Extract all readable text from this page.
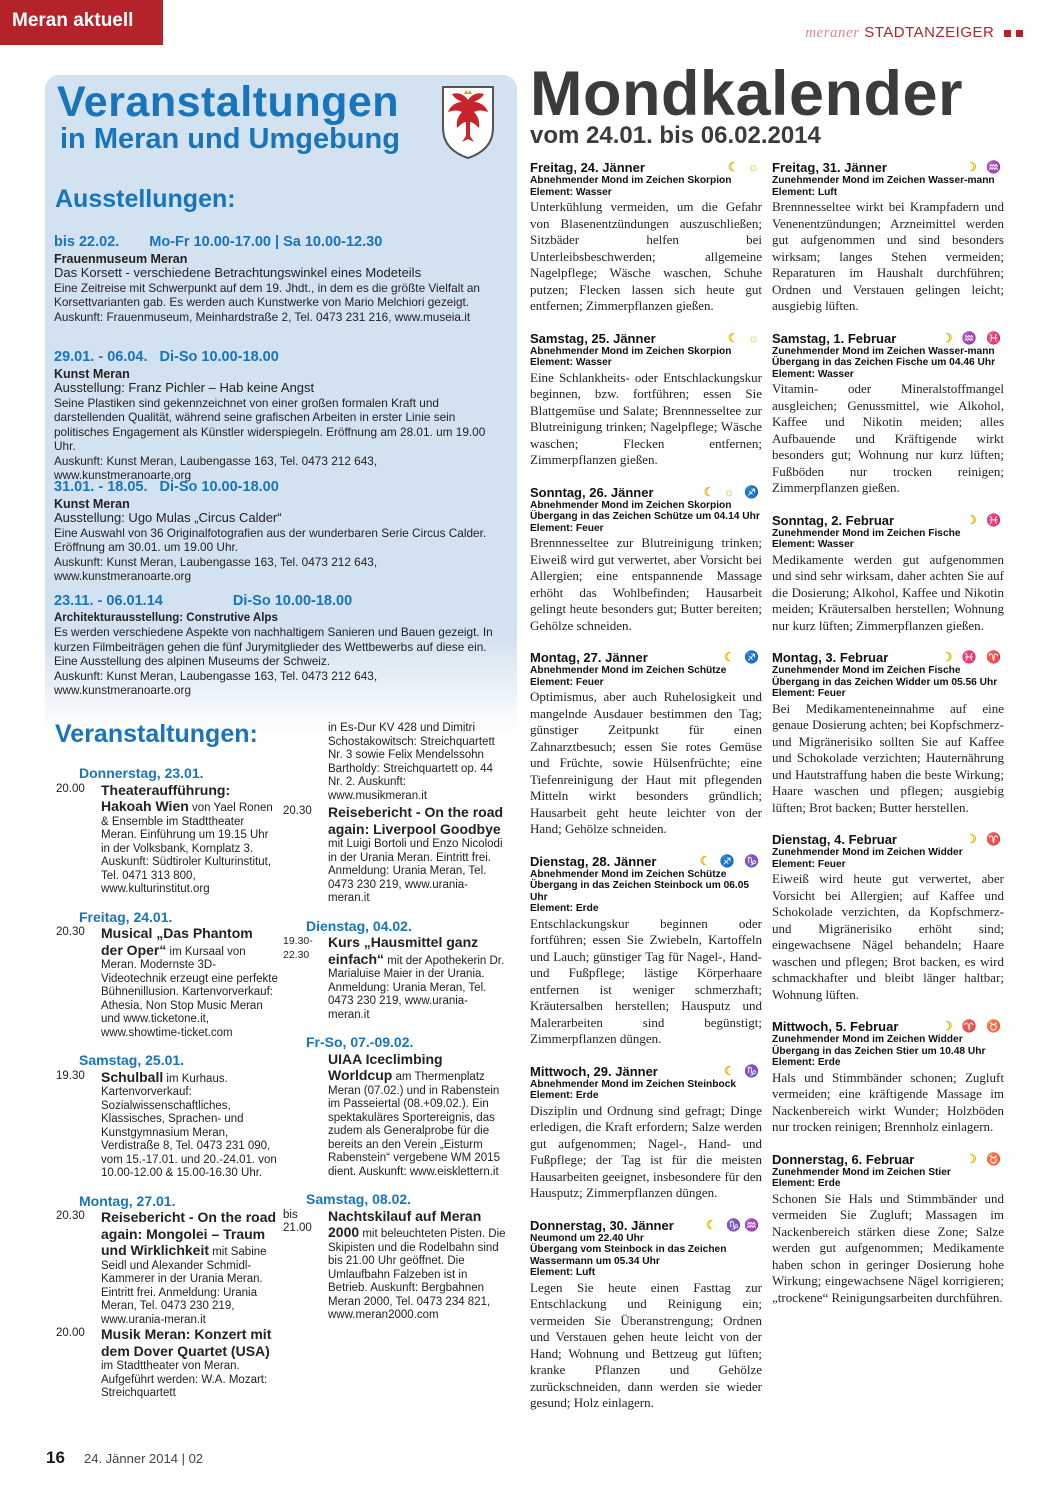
Meran aktuell
meraner STADTANZEIGER
Veranstaltungen
in Meran und Umgebung
Ausstellungen:
bis 22.02. Mo-Fr 10.00-17.00 | Sa 10.00-12.30
Frauenmuseum Meran
Das Korsett - verschiedene Betrachtungswinkel eines Modeteils
Eine Zeitreise mit Schwerpunkt auf dem 19. Jhdt., in dem es die größte Vielfalt an Korsettvarianten gab. Es werden auch Kunstwerke von Mario Melchiori gezeigt.
Auskunft: Frauenmuseum, Meinhardstraße 2, Tel. 0473 231 216, www.museia.it
29.01. - 06.04. Di-So 10.00-18.00
Kunst Meran
Ausstellung: Franz Pichler – Hab keine Angst
Seine Plastiken sind gekennzeichnet von einer großen formalen Kraft und darstellenden Qualität, während seine grafischen Arbeiten in erster Linie sein politisches Engagement als Künstler widerspiegeln. Eröffnung am 28.01. um 19.00 Uhr.
Auskunft: Kunst Meran, Laubengasse 163, Tel. 0473 212 643, www.kunstmeranoarte.org
31.01. - 18.05. Di-So 10.00-18.00
Kunst Meran
Ausstellung: Ugo Mulas „Circus Calder“
Eine Auswahl von 36 Originalfotografien aus der wunderbaren Serie Circus Calder. Eröffnung am 30.01. um 19.00 Uhr.
Auskunft: Kunst Meran, Laubengasse 163, Tel. 0473 212 643, www.kunstmeranoarte.org
23.11. - 06.01.14	Di-So 10.00-18.00
Architekturausstellung: Construtive Alps
Es werden verschiedene Aspekte von nachhaltigem Sanieren und Bauen gezeigt. In kurzen Filmbeiträgen gehen die fünf Jurymitglieder des Wettbewerbs auf diese ein. Eine Ausstellung des alpinen Museums der Schweiz.
Auskunft: Kunst Meran, Laubengasse 163, Tel. 0473 212 643, www.kunstmeranoarte.org
Veranstaltungen:
Donnerstag, 23.01.
20.00	Theateraufführung: Hakoah Wien von Yael Ronen & Ensemble im Stadttheater Meran. Einführung um 19.15 Uhr in der Volksbank, Kornplatz 3. Auskunft: Südtiroler Kulturinstitut, Tel. 0471 313 800, www.kulturinstitut.org
Freitag, 24.01.
20.30	Musical „Das Phantom der Oper“ im Kursaal von Meran. Modernste 3D-Videotechnik erzeugt eine perfekte Bühnenillusion. Kartenvorverkauf: Athesia, Non Stop Music Meran und www.ticketone.it, www.showtime-ticket.com
Samstag, 25.01.
19.30	Schulball im Kurhaus. Kartenvorverkauf: Sozialwissenschaftliches, Klassisches, Sprachen- und Kunstgymnasium Meran, Verdistraße 8, Tel. 0473 231 090, vom 15.-17.01. und 20.-24.01. von 10.00-12.00 & 15.00-16.30 Uhr.
Montag, 27.01.
20.30	Reisebericht - On the road again: Mongolei – Traum und Wirklichkeit mit Sabine Seidl und Alexander Schmidl-Kammerer in der Urania Meran. Eintritt frei. Anmeldung: Urania Meran, Tel. 0473 230 219, www.urania-meran.it
20.00	Musik Meran: Konzert mit dem Dover Quartet (USA) im Stadttheater von Meran. Aufgeführt werden: W.A. Mozart: Streichquartett
in Es-Dur KV 428 und Dimitri Schostakowitsch: Streichquartett Nr. 3 sowie Felix Mendelssohn Bartholdy: Streichquartett op. 44 Nr. 2. Auskunft: www.musikmeran.it
20.30	Reisebericht - On the road again: Liverpool Goodbye mit Luigi Bortoli und Enzo Nicolodi in der Urania Meran. Eintritt frei. Anmeldung: Urania Meran, Tel. 0473 230 219, www.urania-meran.it
Dienstag, 04.02.
19.30-22.30
Kurs „Hausmittel ganz einfach“ mit der Apothekerin Dr. Marialuise Maier in der Urania. Anmeldung: Urania Meran, Tel. 0473 230 219, www.urania-meran.it
Fr-So, 07.-09.02.
UIAA Iceclimbing Worldcup am Thermenplatz Meran (07.02.) und in Rabenstein im Passeiertal (08.+09.02.). Ein spektakuläres Sportereignis, das zudem als Generalprobe für die bereits an den Verein „Eisturm Rabenstein“ vergebene WM 2015 dient. Auskunft: www.eisklettern.it
Samstag, 08.02.
bis 21.00
Nachtskilauf auf Meran 2000 mit beleuchteten Pisten. Die Skipisten und die Rodelbahn sind bis 21.00 Uhr geöffnet. Die Umlaufbahn Falzeben ist in Betrieb. Auskunft: Bergbahnen Meran 2000, Tel. 0473 234 821, www.meran2000.com
Mondkalender
vom 24.01. bis 06.02.2014
Freitag, 24. Jänner	☾ ☼
Abnehmender Mond im Zeichen Skorpion
Element: Wasser
Unterkühlung vermeiden, um die Gefahr von Blasenentzündungen auszuschließen; Sitzbäder helfen bei Unterleibsbeschwerden; allgemeine Nagelpflege; Wäsche waschen, Schuhe putzen; Flecken lassen sich heute gut entfernen; Zimmerpflanzen gießen.
Samstag, 25. Jänner	☾ ☼
Abnehmender Mond im Zeichen Skorpion
Element: Wasser
Eine Schlankheits- oder Entschlackungskur beginnen, bzw. fortführen; essen Sie Blattgemüse und Salate; Brennnesseltee zur Blutreinigung trinken; Nagelpflege; Wäsche waschen; Flecken entfernen; Zimmerpflanzen gießen.
Sonntag, 26. Jänner	☾ ☼ ♐
Abnehmender Mond im Zeichen Skorpion
Übergang in das Zeichen Schütze um 04.14 Uhr
Element: Feuer
Brennnesseltee zur Blutreinigung trinken; Eiweiß wird gut verwertet, aber Vorsicht bei Allergien; eine entspannende Massage erhöht das Wohlbefinden; Hausarbeit gelingt heute besonders gut; Butter bereiten; Gehölze schneiden.
Montag, 27. Jänner	☾ ♐
Abnehmender Mond im Zeichen Schütze
Element: Feuer
Optimismus, aber auch Ruhelosigkeit und mangelnde Ausdauer bestimmen den Tag; günstiger Zeitpunkt für einen Zahnarztbesuch; essen Sie rotes Gemüse und Früchte, sowie Hülsenfrüchte; eine Tiefenreinigung der Haut mit pflegenden Mitteln wirkt besonders gründlich; Hausarbeit geht heute leichter von der Hand; Gehölze schneiden.
Dienstag, 28. Jänner	☾ ♐ ♑
Abnehmender Mond im Zeichen Schütze
Übergang in das Zeichen Steinbock um 06.05 Uhr
Element: Erde
Entschlackungskur beginnen oder fortführen; essen Sie Zwiebeln, Kartoffeln und Lauch; günstiger Tag für Nagel-, Hand- und Fußpflege; lästige Körperhaare entfernen ist weniger schmerzhaft; Kräutersalben herstellen; Hausputz und Malerarbeiten sind begünstigt; Zimmerpflanzen düngen.
Mittwoch, 29. Jänner	☾ ♑
Abnehmender Mond im Zeichen Steinbock
Element: Erde
Disziplin und Ordnung sind gefragt; Dinge erledigen, die Kraft erfordern; Salze werden gut aufgenommen; Nagel-, Hand- und Fußpflege; der Tag ist für die meisten Hausarbeiten geeignet, insbesondere für den Hausputz; Zimmerpflanzen düngen.
Donnerstag, 30. Jänner	☾ ♑♒
Neumond um 22.40 Uhr
Übergang vom Steinbock in das Zeichen Wassermann um 05.34 Uhr
Element: Luft
Legen Sie heute einen Fasttag zur Entschlackung und Reinigung ein; vermeiden Sie Überanstrengung; Ordnen und Verstauen gehen heute leicht von der Hand; Wohnung und Bettzeug gut lüften; kranke Pflanzen und Gehölze zurückschneiden, dann werden sie wieder gesund; Holz einlagern.
Freitag, 31. Jänner	☽ ♒
Zunehmender Mond im Zeichen Wasser-mann
Element: Luft
Brennnesseltee wirkt bei Krampfadern und Venenentzündungen; Arzneimittel werden gut aufgenommen und sind besonders wirksam; langes Stehen vermeiden; Reparaturen im Haushalt durchführen; Ordnen und Verstauen gelingen leicht; ausgiebig lüften.
Samstag, 1. Februar	☽ ♒ ♓
Zunehmender Mond im Zeichen Wasser-mann
Übergang in das Zeichen Fische um 04.46 Uhr
Element: Wasser
Vitamin- oder Mineralstoffmangel ausgleichen; Genussmittel, wie Alkohol, Kaffee und Nikotin meiden; alles Aufbauende und Kräftigende wirkt besonders gut; Wohnung nur kurz lüften; Fußböden nur trocken reinigen; Zimmerpflanzen gießen.
Sonntag, 2. Februar	☽ ♓
Zunehmender Mond im Zeichen Fische
Element: Wasser
Medikamente werden gut aufgenommen und sind sehr wirksam, daher achten Sie auf die Dosierung; Alkohol, Kaffee und Nikotin meiden; Kräutersalben herstellen; Wohnung nur kurz lüften; Zimmerpflanzen gießen.
Montag, 3. Februar	☽ ♓ ♈
Zunehmender Mond im Zeichen Fische
Übergang in das Zeichen Widder um 05.56 Uhr
Element: Feuer
Bei Medikamenteneinnahme auf eine genaue Dosierung achten; bei Kopfschmerz- und Migränerisiko sollten Sie auf Kaffee und Schokolade verzichten; Hauternährung und Hautstraffung haben die beste Wirkung; Haare waschen und pflegen; ausgiebig lüften; Brot backen; Butter herstellen.
Dienstag, 4. Februar	☽ ♈
Zunehmender Mond im Zeichen Widder
Element: Feuer
Eiweiß wird heute gut verwertet, aber Vorsicht bei Allergien; auf Kaffee und Schokolade verzichten, da Kopfschmerz- und Migränerisiko erhöht sind; eingewachsene Nägel behandeln; Haare waschen und pflegen; Brot backen, es wird schmackhafter und bleibt länger haltbar; Wohnung lüften.
Mittwoch, 5. Februar	☽ ♈ ♉
Zunehmender Mond im Zeichen Widder
Übergang in das Zeichen Stier um 10.48 Uhr
Element: Erde
Hals und Stimmbänder schonen; Zugluft vermeiden; eine kräftigende Massage im Nackenbereich wirkt Wunder; Holzböden nur trocken reinigen; Brennholz einlagern.
Donnerstag, 6. Februar	☽ ♉
Zunehmender Mond im Zeichen Stier
Element: Erde
Schonen Sie Hals und Stimmbänder und vermeiden Sie Zugluft; Massagen im Nackenbereich stärken diese Zone; Salze werden gut aufgenommen; Medikamente haben schon in geringer Dosierung hohe Wirkung; eingewachsene Nägel korrigieren; „trockene“ Reinigungsarbeiten durchführen.
16 24. Jänner 2014 | 02
